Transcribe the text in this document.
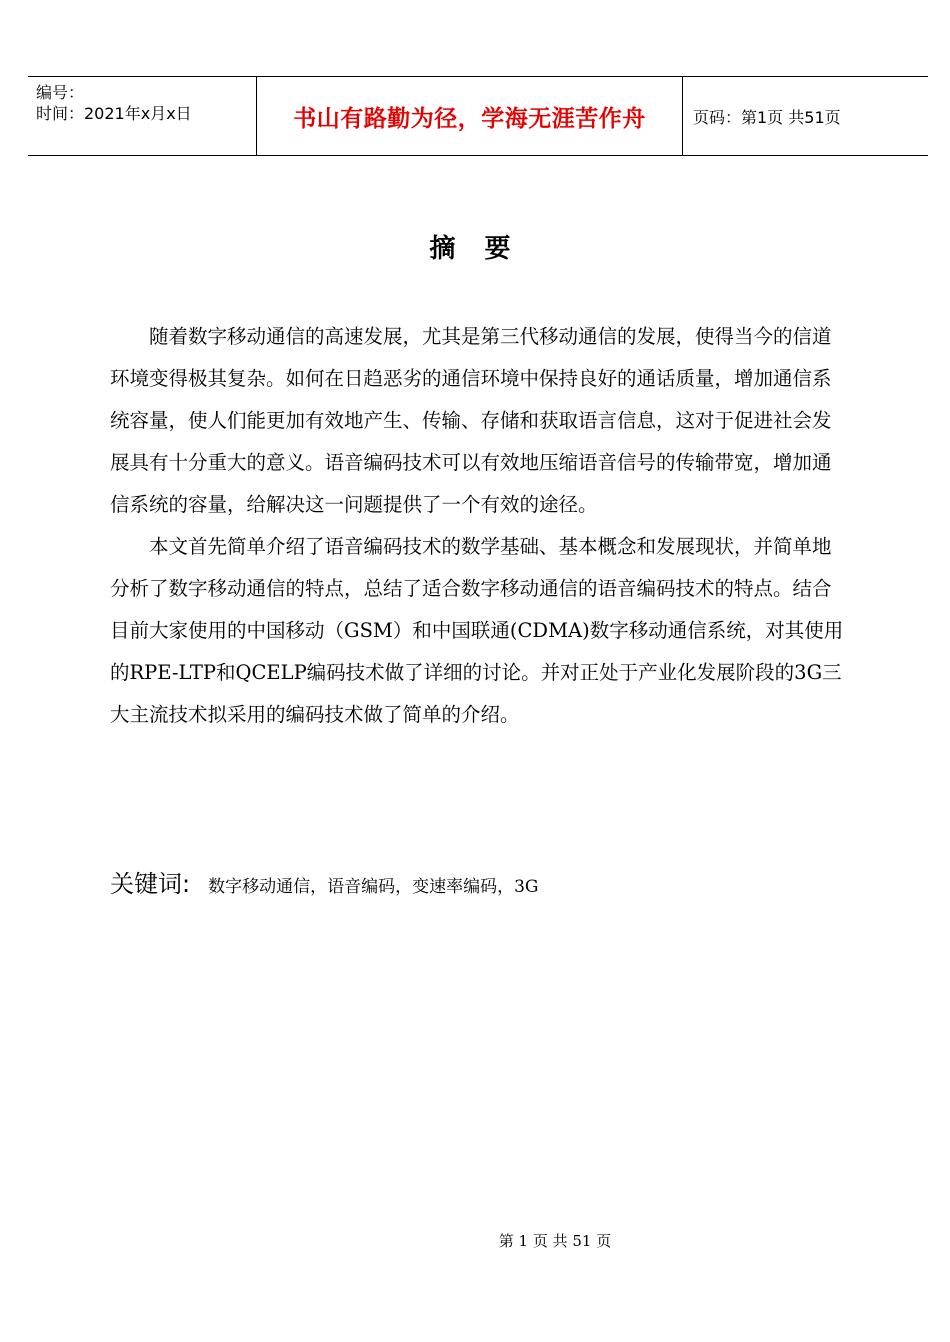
编号：
时间：2021年x月x日	书山有路勤为径，学海无涯苦作舟	页码：第1页 共51页
摘 要

随着数字移动通信的高速发展，尤其是第三代移动通信的发展，使得当今的信道环境变得极其复杂。如何在日趋恶劣的通信环境中保持良好的通话质量，增加通信系统容量，使人们能更加有效地产生、传输、存储和获取语言信息，这对于促进社会发展具有十分重大的意义。语音编码技术可以有效地压缩语音信号的传输带宽，增加通信系统的容量，给解决这一问题提供了一个有效的途径。

本文首先简单介绍了语音编码技术的数学基础、基本概念和发展现状，并简单地分析了数字移动通信的特点，总结了适合数字移动通信的语音编码技术的特点。结合目前大家使用的中国移动（GSM）和中国联通(CDMA)数字移动通信系统，对其使用的RPE-LTP和QCELP编码技术做了详细的讨论。并对正处于产业化发展阶段的3G三大主流技术拟采用的编码技术做了简单的介绍。

关键词: 数字移动通信，语音编码，变速率编码，3G
第 1 页 共 51 页
